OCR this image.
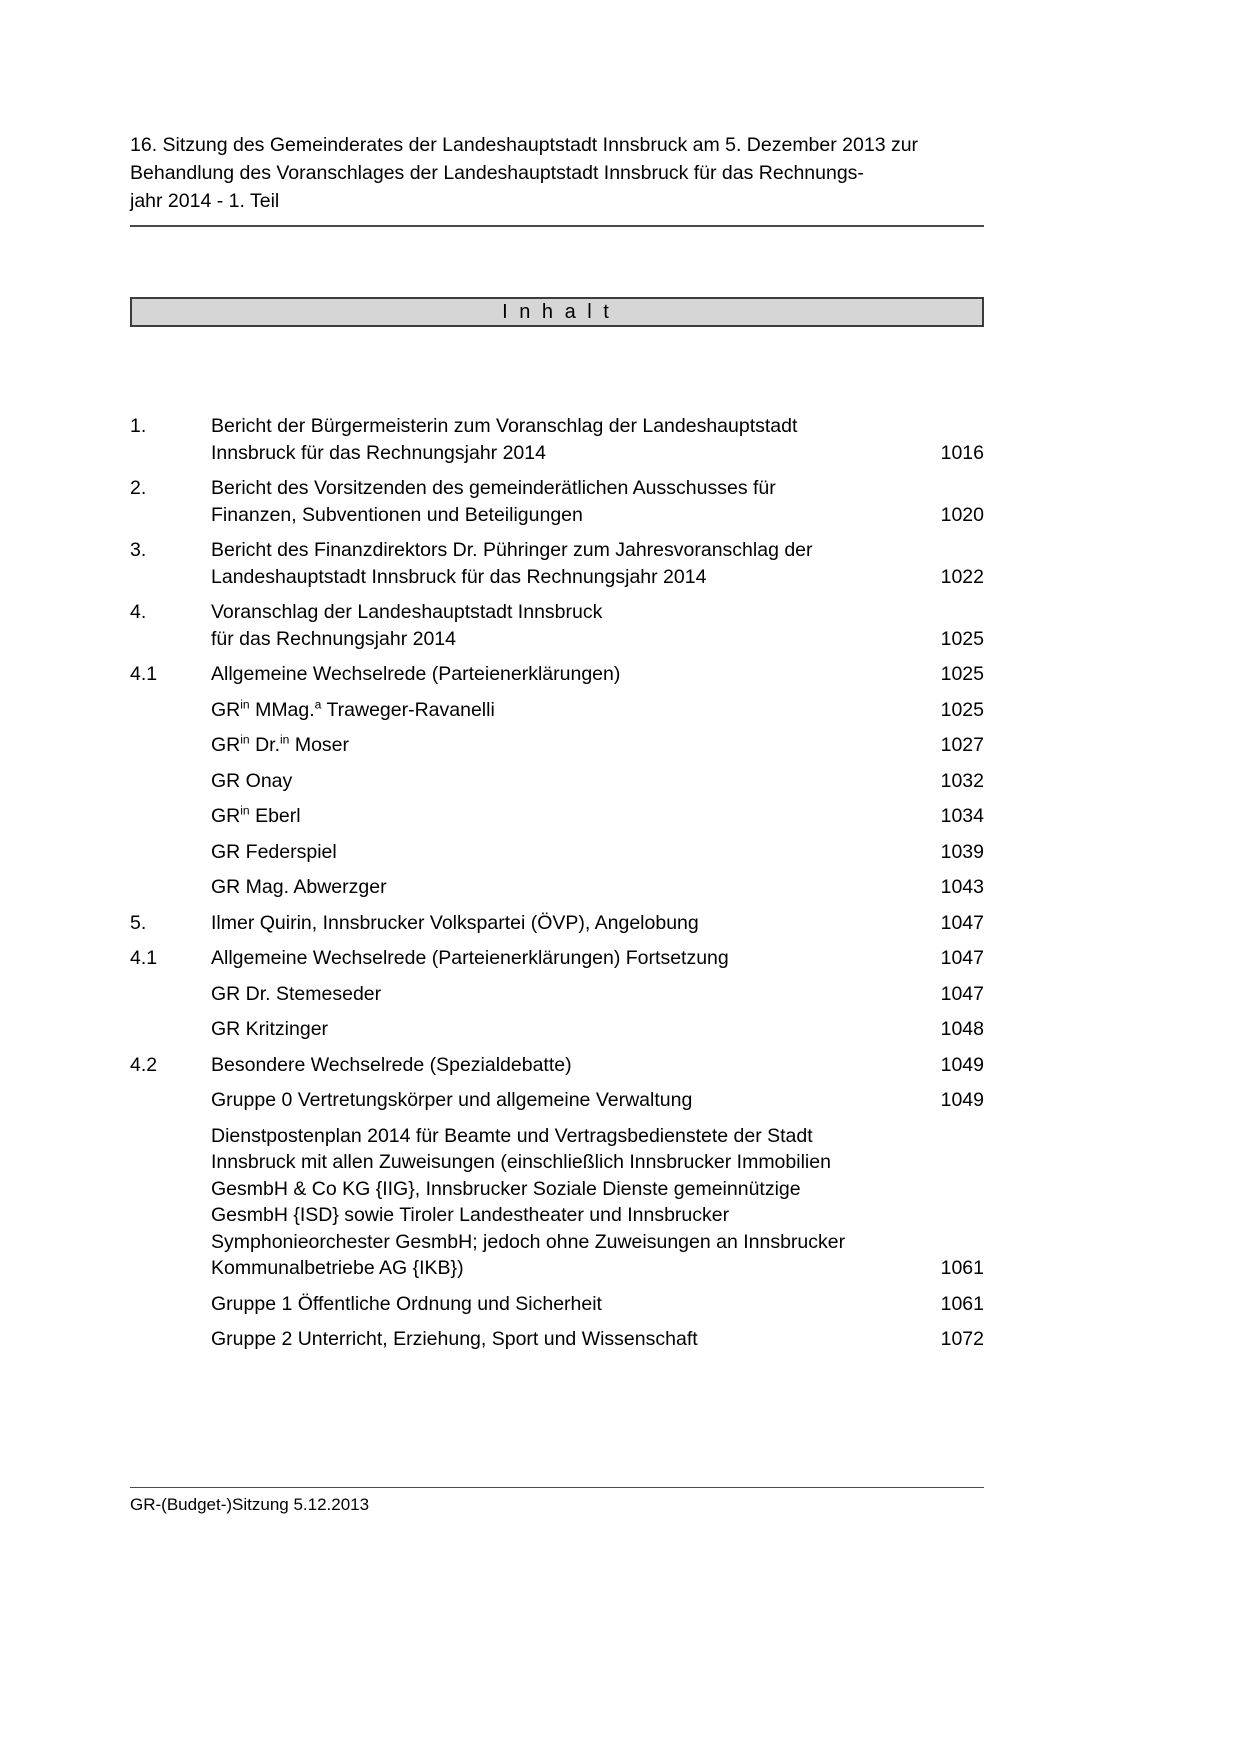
16. Sitzung des Gemeinderates der Landeshauptstadt Innsbruck am 5. Dezember 2013 zur
Behandlung des Voranschlages der Landeshauptstadt Innsbruck für das Rechnungs-
jahr 2014 - 1. Teil
I n h a l t
1.	Bericht der Bürgermeisterin zum Voranschlag der Landeshauptstadt
Innsbruck für das Rechnungsjahr 2014	1016
2.	Bericht des Vorsitzenden des gemeinderätlichen Ausschusses für
Finanzen, Subventionen und Beteiligungen	1020
3.	Bericht des Finanzdirektors Dr. Pühringer zum Jahresvoranschlag der
Landeshauptstadt Innsbruck für das Rechnungsjahr 2014	1022
4.	Voranschlag der Landeshauptstadt Innsbruck
für das Rechnungsjahr 2014	1025
4.1	Allgemeine Wechselrede (Parteienerklärungen)	1025
$GR^{in}$ MMag.$^a$ Traweger-Ravanelli	1025
$GR^{in}$ Dr.$^{in}$ Moser	1027
GR Onay	1032
$GR^{in}$ Eberl	1034
GR Federspiel	1039
GR Mag. Abwerzger	1043
5.	Ilmer Quirin, Innsbrucker Volkspartei (ÖVP), Angelobung	1047
4.1	Allgemeine Wechselrede (Parteienerklärungen) Fortsetzung	1047
GR Dr. Stemeseder	1047
GR Kritzinger	1048
4.2	Besondere Wechselrede (Spezialdebatte)	1049
Gruppe 0 Vertretungskörper und allgemeine Verwaltung	1049
Dienstpostenplan 2014 für Beamte und Vertragsbedienstete der Stadt
Innsbruck mit allen Zuweisungen (einschließlich Innsbrucker Immobilien
GesmbH & Co KG {IIG}, Innsbrucker Soziale Dienste gemeinnützige
GesmbH {ISD} sowie Tiroler Landestheater und Innsbrucker
Symphonieorchester GesmbH; jedoch ohne Zuweisungen an Innsbrucker
Kommunalbetriebe AG {IKB})	1061
Gruppe 1 Öffentliche Ordnung und Sicherheit	1061
Gruppe 2 Unterricht, Erziehung, Sport und Wissenschaft	1072
GR-(Budget-)Sitzung 5.12.2013
